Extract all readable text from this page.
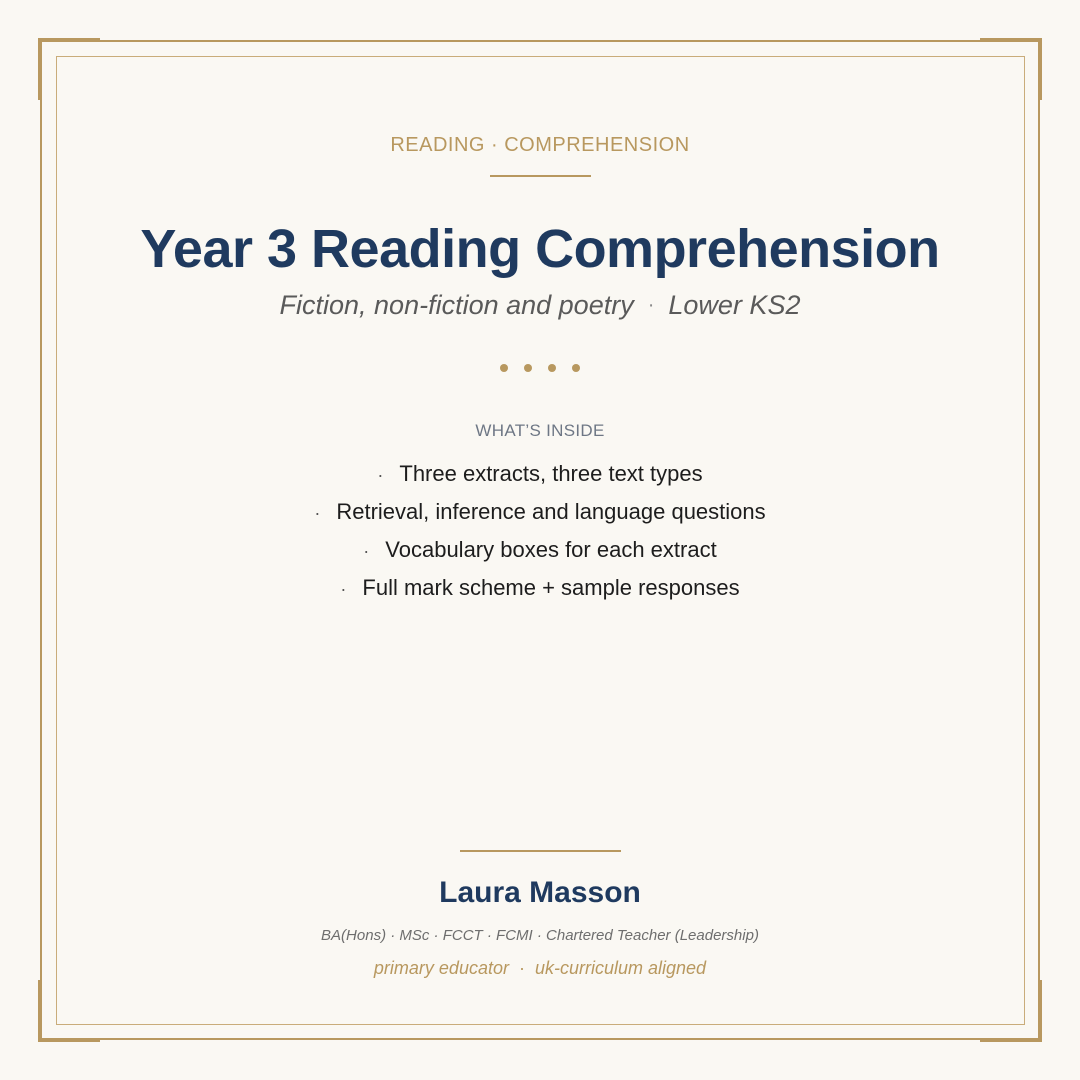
READING · COMPREHENSION
Year 3 Reading Comprehension
Fiction, non-fiction and poetry · Lower KS2
WHAT’S INSIDE
· Three extracts, three text types
· Retrieval, inference and language questions
· Vocabulary boxes for each extract
· Full mark scheme + sample responses
Laura Masson
BA(Hons) · MSc · FCCT · FCMI · Chartered Teacher (Leadership)
primary educator · uk-curriculum aligned
